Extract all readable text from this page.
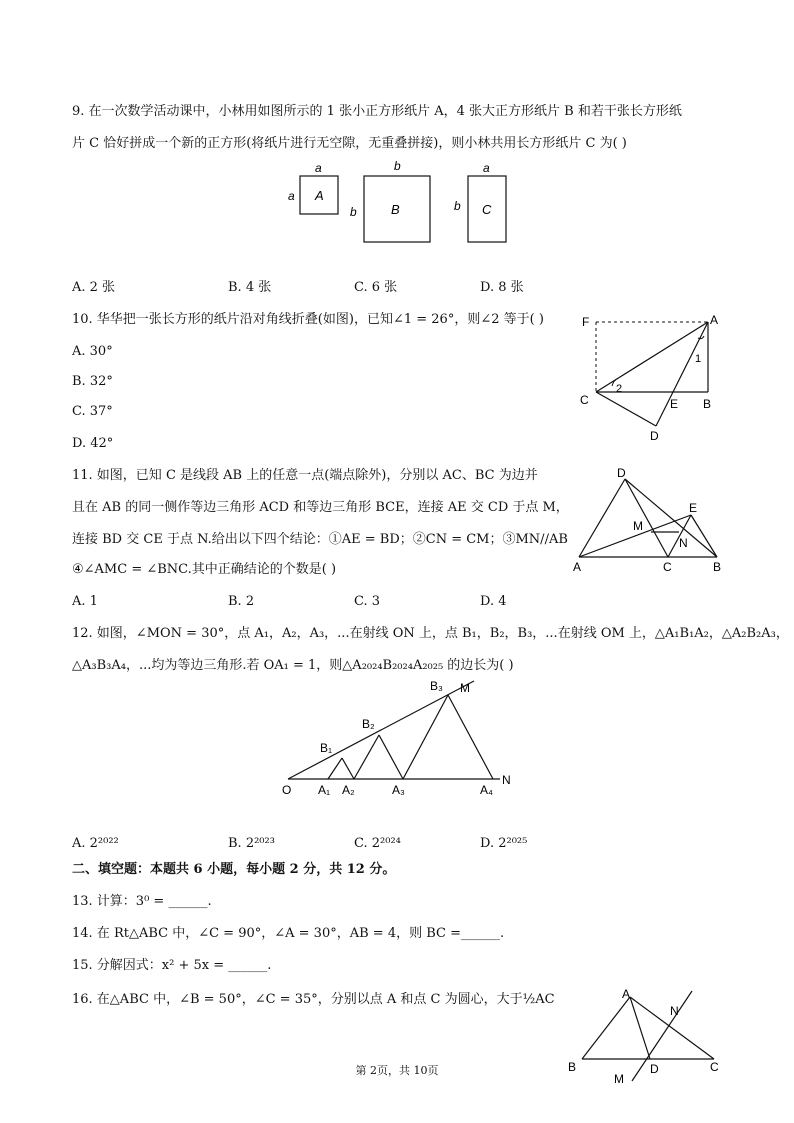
9. 在一次数学活动课中，小林用如图所示的 1 张小正方形纸片 A，4 张大正方形纸片 B 和若干张长方形纸
片 C 恰好拼成一个新的正方形(将纸片进行无空隙，无重叠拼接)，则小林共用长方形纸片 C 为( )
A
B	C
a
a
b
b
a
b
A. 2 张	B. 4 张	C. 6 张	D. 8 张
10. 华华把一张长方形的纸片沿对角线折叠(如图)，已知∠1 = 26°，则∠2 等于( )
A. 30°
B. 32°
C. 37°
D. 42°
F	A
C	E B
D
1
2
11. 如图，已知 C 是线段 AB 上的任意一点(端点除外)，分别以 AC、BC 为边并
且在 AB 的同一侧作等边三角形 ACD 和等边三角形 BCE，连接 AE 交 CD 于点 M，
连接 BD 交 CE 于点 N.给出以下四个结论：①AE = BD；②CN = CM；③MN//AB
④∠AMC = ∠BNC.其中正确结论的个数是( )
A. 1	B. 2	C. 3	D. 4
D
E
M
N
A	C	B
12. 如图，∠MON = 30°，点 A₁，A₂，A₃，...在射线 ON 上，点 B₁，B₂，B₃，...在射线 OM 上，△A₁B₁A₂，△A₂B₂A₃，
△A₃B₃A₄，...均为等边三角形.若 OA₁ = 1，则△A₂₀₂₄B₂₀₂₄A₂₀₂₅ 的边长为( )
O A₁ A₂	A₃	A₄
N
B₁
B₂
B₃ M
A. 2²⁰²²	B. 2²⁰²³	C. 2²⁰²⁴	D. 2²⁰²⁵
二、填空题：本题共 6 小题，每小题 2 分，共 12 分。
13. 计算：3⁰ = ______.
14. 在 Rt△ABC 中，∠C = 90°，∠A = 30°，AB = 4，则 BC =______.
15. 分解因式：x² + 5x = ______.
16. 在△ABC 中，∠B = 50°，∠C = 35°，分别以点 A 和点 C 为圆心，大于½AC	A
N
B	D	C
M
第 2页，共 10页
